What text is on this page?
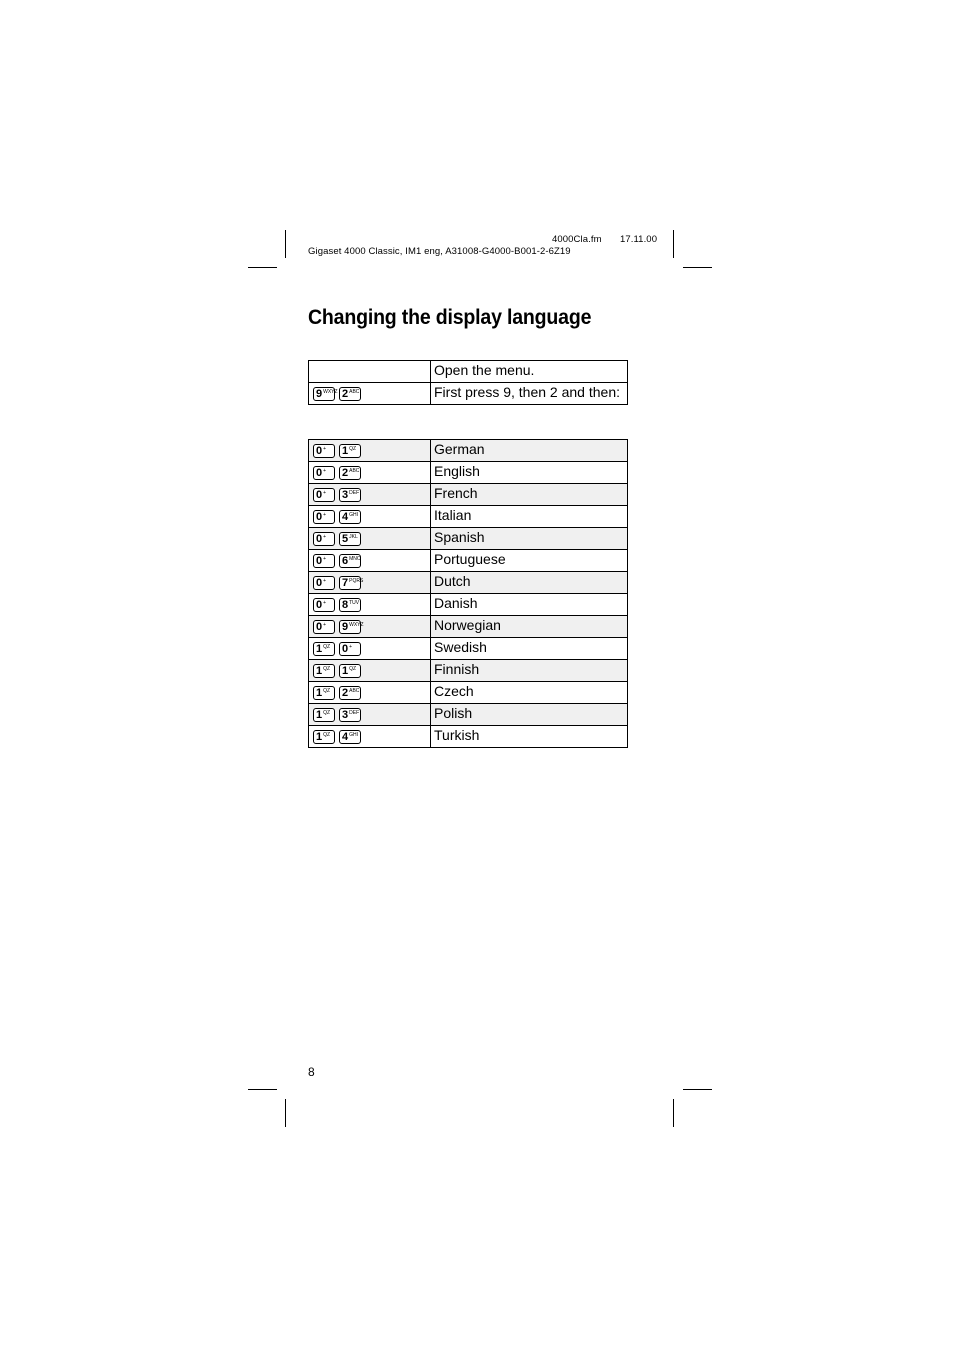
4000Cla.fm 17.11.00
Gigaset 4000 Classic, IM1 eng, A31008-G4000-B001-2-6Z19
Changing the display language
	Open the menu.

9 WXYZ 2 ABC	First press 9, then 2 and then:
0 + 1 QZ	German

0 + 2 ABC	English

0 + 3 DEF	French

0 + 4 GHI	Italian

0 + 5 JKL	Spanish

0 + 6 MNO	Portuguese

0 + 7 PQRS	Dutch

0 + 8 TUV	Danish

0 + 9 WXYZ	Norwegian

1 QZ 0 +	Swedish

1 QZ 1 QZ	Finnish

1 QZ 2 ABC	Czech

1 QZ 3 DEF	Polish

1 QZ 4 GHI	Turkish
8
